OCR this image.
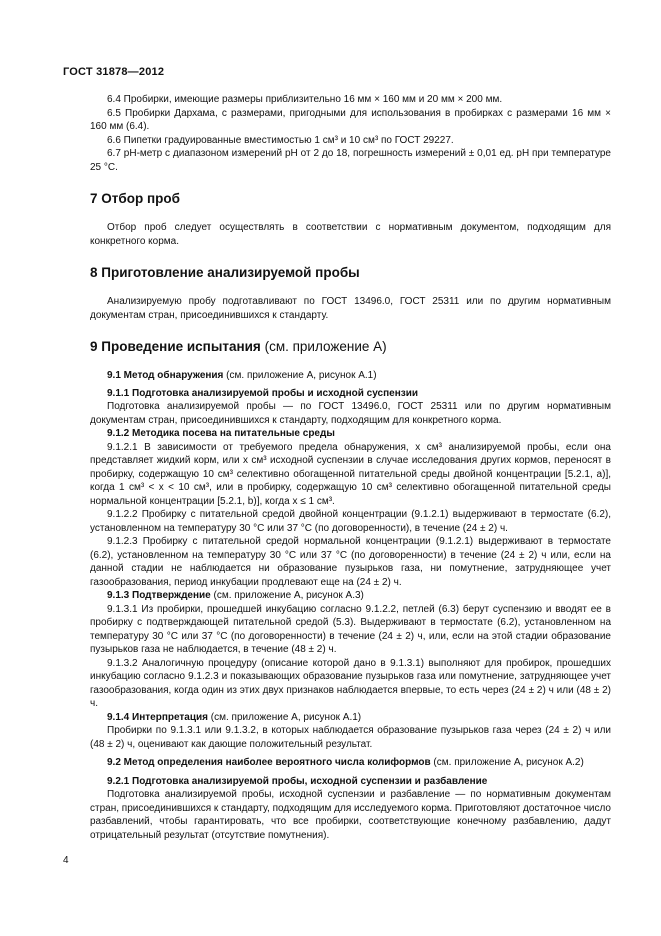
ГОСТ 31878—2012

6.4 Пробирки, имеющие размеры приблизительно 16 мм × 160 мм и 20 мм × 200 мм.

6.5 Пробирки Дархама, с размерами, пригодными для использования в пробирках с размерами 16 мм × 160 мм (6.4).

6.6 Пипетки градуированные вместимостью 1 см³ и 10 см³ по ГОСТ 29227.

6.7 рН-метр с диапазоном измерений рН от 2 до 18, погрешность измерений ± 0,01 ед. рН при температуре 25 °С.

7 Отбор проб

Отбор проб следует осуществлять в соответствии с нормативным документом, подходящим для конкретного корма.

8 Приготовление анализируемой пробы

Анализируемую пробу подготавливают по ГОСТ 13496.0, ГОСТ 25311 или по другим нормативным документам стран, присоединившихся к стандарту.

9 Проведение испытания (см. приложение А)

9.1 Метод обнаружения (см. приложение А, рисунок А.1)

9.1.1 Подготовка анализируемой пробы и исходной суспензии

Подготовка анализируемой пробы — по ГОСТ 13496.0, ГОСТ 25311 или по другим нормативным документам стран, присоединившихся к стандарту, подходящим для конкретного корма.

9.1.2 Методика посева на питательные среды

9.1.2.1 В зависимости от требуемого предела обнаружения, х см³ анализируемой пробы, если она представляет жидкий корм, или х см³ исходной суспензии в случае исследования других кормов, переносят в пробирку, содержащую 10 см³ селективно обогащенной питательной среды двойной концентрации [5.2.1, а)], когда 1 см³ < x < 10 см³, или в пробирку, содержащую 10 см³ селективно обогащенной питательной среды нормальной концентрации [5.2.1, b)], когда x ≤ 1 см³.

9.1.2.2 Пробирку с питательной средой двойной концентрации (9.1.2.1) выдерживают в термостате (6.2), установленном на температуру 30 °С или 37 °С (по договоренности), в течение (24 ± 2) ч.

9.1.2.3 Пробирку с питательной средой нормальной концентрации (9.1.2.1) выдерживают в термостате (6.2), установленном на температуру 30 °С или 37 °С (по договоренности) в течение (24 ± 2) ч или, если на данной стадии не наблюдается ни образование пузырьков газа, ни помутнение, затрудняющее учет газообразования, период инкубации продлевают еще на (24 ± 2) ч.

9.1.3 Подтверждение (см. приложение А, рисунок А.3)

9.1.3.1 Из пробирки, прошедшей инкубацию согласно 9.1.2.2, петлей (6.3) берут суспензию и вводят ее в пробирку с подтверждающей питательной средой (5.3). Выдерживают в термостате (6.2), установленном на температуру 30 °С или 37 °С (по договоренности) в течение (24 ± 2) ч, или, если на этой стадии образование пузырьков газа не наблюдается, в течение (48 ± 2) ч.

9.1.3.2 Аналогичную процедуру (описание которой дано в 9.1.3.1) выполняют для пробирок, прошедших инкубацию согласно 9.1.2.3 и показывающих образование пузырьков газа или помутнение, затрудняющее учет газообразования, когда один из этих двух признаков наблюдается впервые, то есть через (24 ± 2) ч или (48 ± 2) ч.

9.1.4 Интерпретация (см. приложение А, рисунок А.1)

Пробирки по 9.1.3.1 или 9.1.3.2, в которых наблюдается образование пузырьков газа через (24 ± 2) ч или (48 ± 2) ч, оценивают как дающие положительный результат.

9.2 Метод определения наиболее вероятного числа колиформов (см. приложение А, рисунок А.2)

9.2.1 Подготовка анализируемой пробы, исходной суспензии и разбавление

Подготовка анализируемой пробы, исходной суспензии и разбавление — по нормативным документам стран, присоединившихся к стандарту, подходящим для исследуемого корма. Приготовляют достаточное число разбавлений, чтобы гарантировать, что все пробирки, соответствующие конечному разбавлению, дадут отрицательный результат (отсутствие помутнения).

4
